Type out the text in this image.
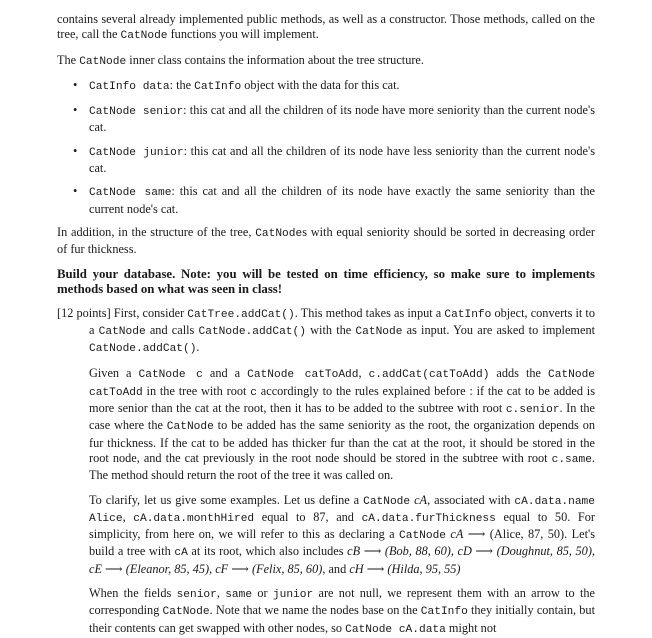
contains several already implemented public methods, as well as a constructor. Those methods, called on the tree, call the CatNode functions you will implement.

The CatNode inner class contains the information about the tree structure.

• CatInfo data: the CatInfo object with the data for this cat.
• CatNode senior: this cat and all the children of its node have more seniority than the current node's cat.
• CatNode junior: this cat and all the children of its node have less seniority than the current node's cat.
• CatNode same: this cat and all the children of its node have exactly the same seniority than the current node's cat.

In addition, in the structure of the tree, CatNodes with equal seniority should be sorted in decreasing order of fur thickness.

Build your database. Note: you will be tested on time efficiency, so make sure to implements methods based on what was seen in class!

[12 points] First, consider CatTree.addCat(). This method takes as input a CatInfo object, converts it to a CatNode and calls CatNode.addCat() with the CatNode as input. You are asked to implement CatNode.addCat().

Given a CatNode c and a CatNode catToAdd, c.addCat(catToAdd) adds the CatNode catToAdd in the tree with root c accordingly to the rules explained before : if the cat to be added is more senior than the cat at the root, then it has to be added to the subtree with root c.senior. In the case where the CatNode to be added has the same seniority as the root, the organization depends on fur thickness. If the cat to be added has thicker fur than the cat at the root, it should be stored in the root node, and the cat previously in the root node should be stored in the subtree with root c.same. The method should return the root of the tree it was called on.

To clarify, let us give some examples. Let us define a CatNode cA, associated with cA.data.name Alice, cA.data.monthHired equal to 87, and cA.data.furThickness equal to 50. For simplicity, from here on, we will refer to this as declaring a CatNode cA ⟶ (Alice, 87, 50). Let's build a tree with cA at its root, which also includes cB ⟶ (Bob, 88, 60), cD ⟶ (Doughnut, 85, 50), cE ⟶ (Eleanor, 85, 45), cF ⟶ (Felix, 85, 60), and cH ⟶ (Hilda, 95, 55)

When the fields senior, same or junior are not null, we represent them with an arrow to the corresponding CatNode. Note that we name the nodes base on the CatInfo they initially contain, but their contents can get swapped with other nodes, so CatNode cA.data might not
